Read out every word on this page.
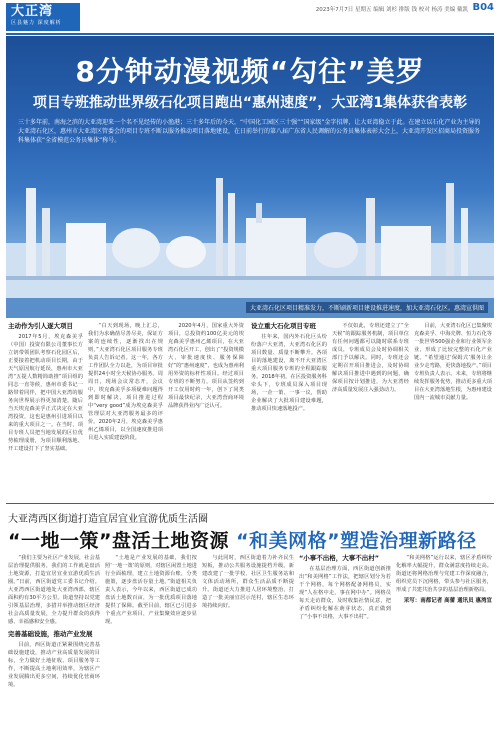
大正湾
区县魅力 深度解析
2023年7月7日 星期五 编辑 刘杉 排版 钱 校对 杨涛 美编 戴凯 B04
8分钟动漫视频“勾往”美罗
项目专班推动世界级石化项目跑出“惠州速度”，大亚湾1集体获省表彰
三十多年前，南海之滨的大亚湾迎来一个名不见经传的小渔港；三十多年后的今天，“中国化工园区三十强”“国家级”金字招牌，让大亚湾稳立于此。在建立以石化产业为主导的大亚湾石化区，惠州市大亚湾区管委会的项目专班不断以服务推动项目落地建设，在日前举行的第八届广东省人民调解的公务员集体表彰大会上，大亚湾开发区招商局投资服务科集体获“全省模范公务员集体”称号。
大亚湾石化区项目精准发力，不断刷新项目建设推进速度，加大亚湾石化区。惠湾宣供图
主动作为引人逐大项目

2017年5月，埃克森美孚（中国）投资有限公司董事长方立钥带领团队考察石化园区后，正要接着把机动项目长期，由于天气原因航行延误，惠州市大亚湾“五提人数精简助推”项目组的同志一直等候，惠州市委书记一路带着同伴，把中国大亚湾的服务向世界展示得更加清楚。随后当天埃克森美孚正式决定在大亚湾投资，这也是惠州引进项目以来的重大项目之一。在当时，项目专班人员把当地发展的区位优势梳理成册，为项目顺利落地、开工建设打下了坚实基础。

“白天到现场，晚上汇总，我们为求确凿尽善尽美，保证方案的连续性，逐渐找出在规则，”大亚湾石化区项目服务专班负责人告诉记者。这一年，各方工作团队全力以赴，为项目审批提供24小时全天候协办服务。周周日，现场会议常态开，会议中，埃克森美孚多项疑难问题得到即时解决，项目推进过程中“very good”成为埃克森美孚管理层对大亚湾服务最多的评价。2020年2月，埃克森美孚惠州乙烯项目，以全国速度推进项目进入实质建设阶段。

2020年4月，国家重大外资项目，总投资约100亿美元的埃克森美孚惠州乙烯项目，在大亚湾石化区开工，创出了“投资规模大、审批速度快、服务保障好”的“惠州速度”，也成为惠州利用外资的标杆性项目。经过项目专班的不断努力，项目从签约到开工仅用时约一年，创下了同类项目最快纪录，大亚湾营商环境品牌获得业内广泛认可。

设立重大石化项目专班

往年来，国内外石化巨头纷纷落户大亚湾，大亚湾石化区的项目数量、质量不断攀升。各项目的落地建设，离不开大亚湾区重大项目服务专班的全程跟踪服务。2018年初，在区投资服务科牵头下，专班成员深入项目现场，一企一策、一事一议，帮助企业解决了大批项目建设难题，推动项目快速落地投产。

不仅如此，专班还建立了“全天候”的跟踪服务机制，项目单位有任何问题都可以随时联系专班成员，专班成员会及时协调相关部门予以解决。同时，专班还会定期召开项目推进会，及时协调解决项目推进中遇到的问题，确保项目按计划推进，为大亚湾经济高质量发展注入强劲动力。

目前，大亚湾石化区已集聚埃克森美孚、中海壳牌、恒力石化等一批世界500强企业和行业领军企业，形成了比较完整的石化产业链。“希望通过‘保姆式’服务让企业少走弯路，更快落地投产。”项目专班负责人表示。未来，专班将继续发挥服务优势，推动更多重大项目在大亚湾落地生根，为惠州建设国内一流城市贡献力量。

大亚湾西区街道打造宜居宜业宜游优质生活圈
“一地一策”盘活土地资源 “和美网格”塑造治理新路径

“我们主要为社区产业发展，社会基层治理提供服务，我们的工作就是盘活土地资源，打造宜居宜业宜游优质生活圈。”日前，西区街道党工委书记介绍。大亚湾西区街道地处大亚湾西部，辖区面积约有30平方公里。街道坚持以党建引领基层治理，多措并举推动辖区经济社会高质量发展，全力提升群众的获得感、幸福感和安全感。

完善基础设施，推动产业发展

目前，西区街道正紧紧围绕完善基础设施建设，推动产业高质量发展的目标，全力做好土地征收、项目服务等工作，不断提高土地利用效率，为辖区产业发展腾出更多空间，持续优化营商环境。

“土地是产业发展的基础，我们按照‘一地一策’的原则，对辖区闲置土地进行全面梳理，建立土地资源台账，分类施策，逐步盘活存量土地。”街道相关负责人表示，今年以来，西区街道已成功盘活土地数百亩，为一批优质项目落地提供了保障。截至目前，辖区已引进多个重点产业项目，产业集聚效应逐步显现。

与此同时，西区街道着力补齐民生短板，推动公共服务设施提档升级。新建改建了一批学校、社区卫生服务站和文体活动场所，群众生活品质不断提升。街道还大力推进人居环境整治，打造了一批美丽宜居示范村，辖区生态环境持续向好。

“小事不出格，大事不出村”

在基层治理方面，西区街道创新推出“和美网格”工作法，把辖区划分为若干个网格，每个网格配备网格员，实现“人在格中走，事在网中办”。网格员每天走访群众，及时收集社情民意，把矛盾纠纷化解在萌芽状态，真正做到了“小事不出格，大事不出村”。

“和美网格”运行以来，辖区矛盾纠纷化解率大幅提升，群众满意度持续走高。街道还将网格治理与党建工作深度融合，组织党员下沉网格，带头参与社区服务，形成了共建共治共享的基层治理新格局。

采写：南都记者 高蕾 通讯员 惠湾宣
